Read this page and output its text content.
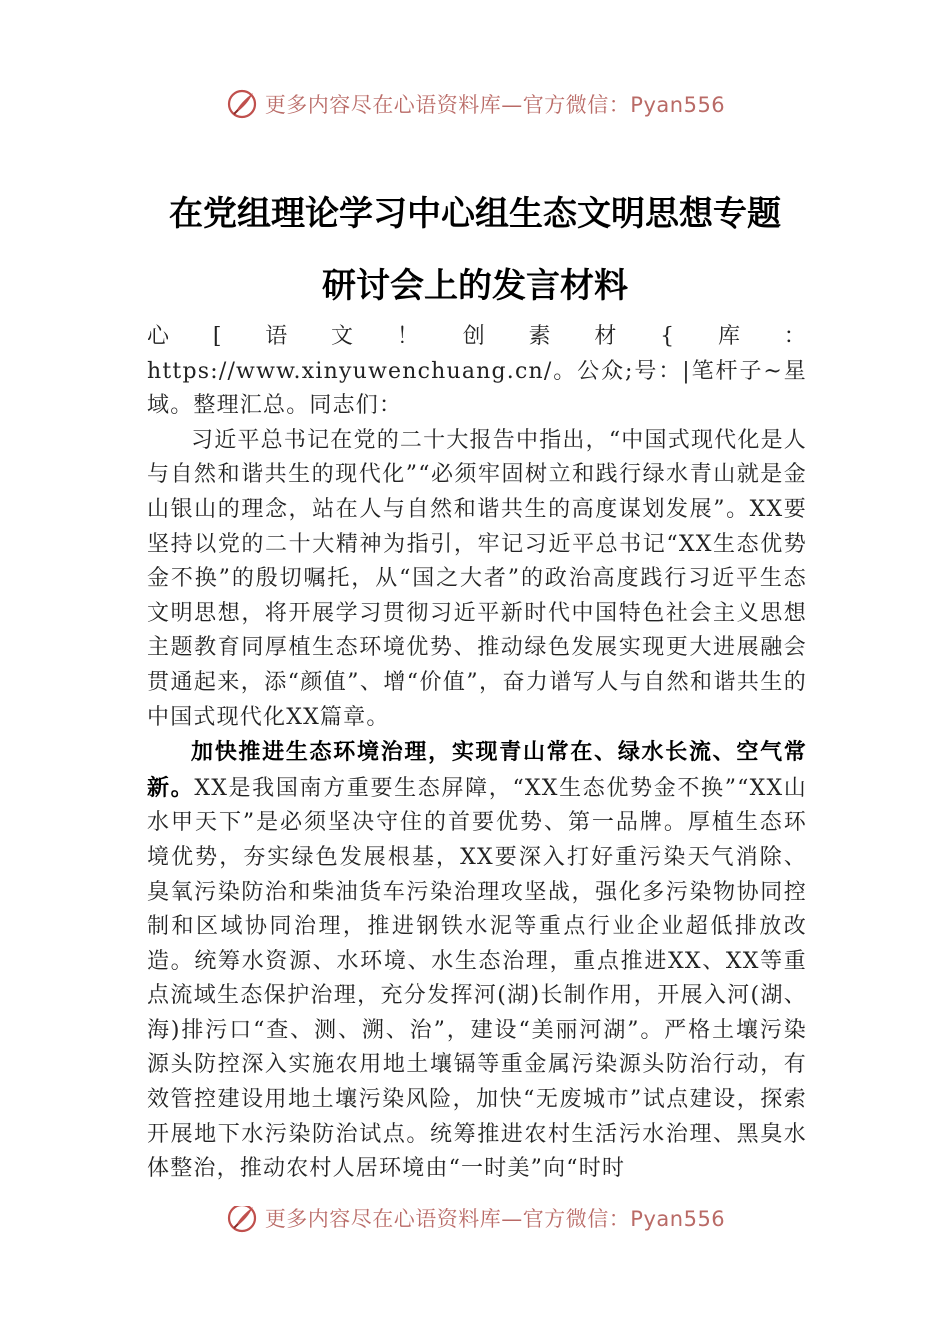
更多内容尽在心语资料库—官方微信：Pyan556
在党组理论学习中心组生态文明思想专题
研讨会上的发言材料

心[语文！创素材{库：https://www.xinyuwenchuang.cn/。公众;号：|笔杆子~星域。整理汇总。同志们：

习近平总书记在党的二十大报告中指出，“中国式现代化是人与自然和谐共生的现代化”“必须牢固树立和践行绿水青山就是金山银山的理念，站在人与自然和谐共生的高度谋划发展”。XX要坚持以党的二十大精神为指引，牢记习近平总书记“XX生态优势金不换”的殷切嘱托，从“国之大者”的政治高度践行习近平生态文明思想，将开展学习贯彻习近平新时代中国特色社会主义思想主题教育同厚植生态环境优势、推动绿色发展实现更大进展融会贯通起来，添“颜值”、增“价值”，奋力谱写人与自然和谐共生的中国式现代化XX篇章。

加快推进生态环境治理，实现青山常在、绿水长流、空气常新。XX是我国南方重要生态屏障，“XX生态优势金不换”“XX山水甲天下”是必须坚决守住的首要优势、第一品牌。厚植生态环境优势，夯实绿色发展根基，XX要深入打好重污染天气消除、臭氧污染防治和柴油货车污染治理攻坚战，强化多污染物协同控制和区域协同治理，推进钢铁水泥等重点行业企业超低排放改造。统筹水资源、水环境、水生态治理，重点推进XX、XX等重点流域生态保护治理，充分发挥河(湖)长制作用，开展入河(湖、海)排污口“查、测、溯、治”，建设“美丽河湖”。严格土壤污染源头防控深入实施农用地土壤镉等重金属污染源头防治行动，有效管控建设用地土壤污染风险，加快“无废城市”试点建设，探索开展地下水污染防治试点。统筹推进农村生活污水治理、黑臭水体整治，推动农村人居环境由“一时美”向“时时

更多内容尽在心语资料库—官方微信：Pyan556
